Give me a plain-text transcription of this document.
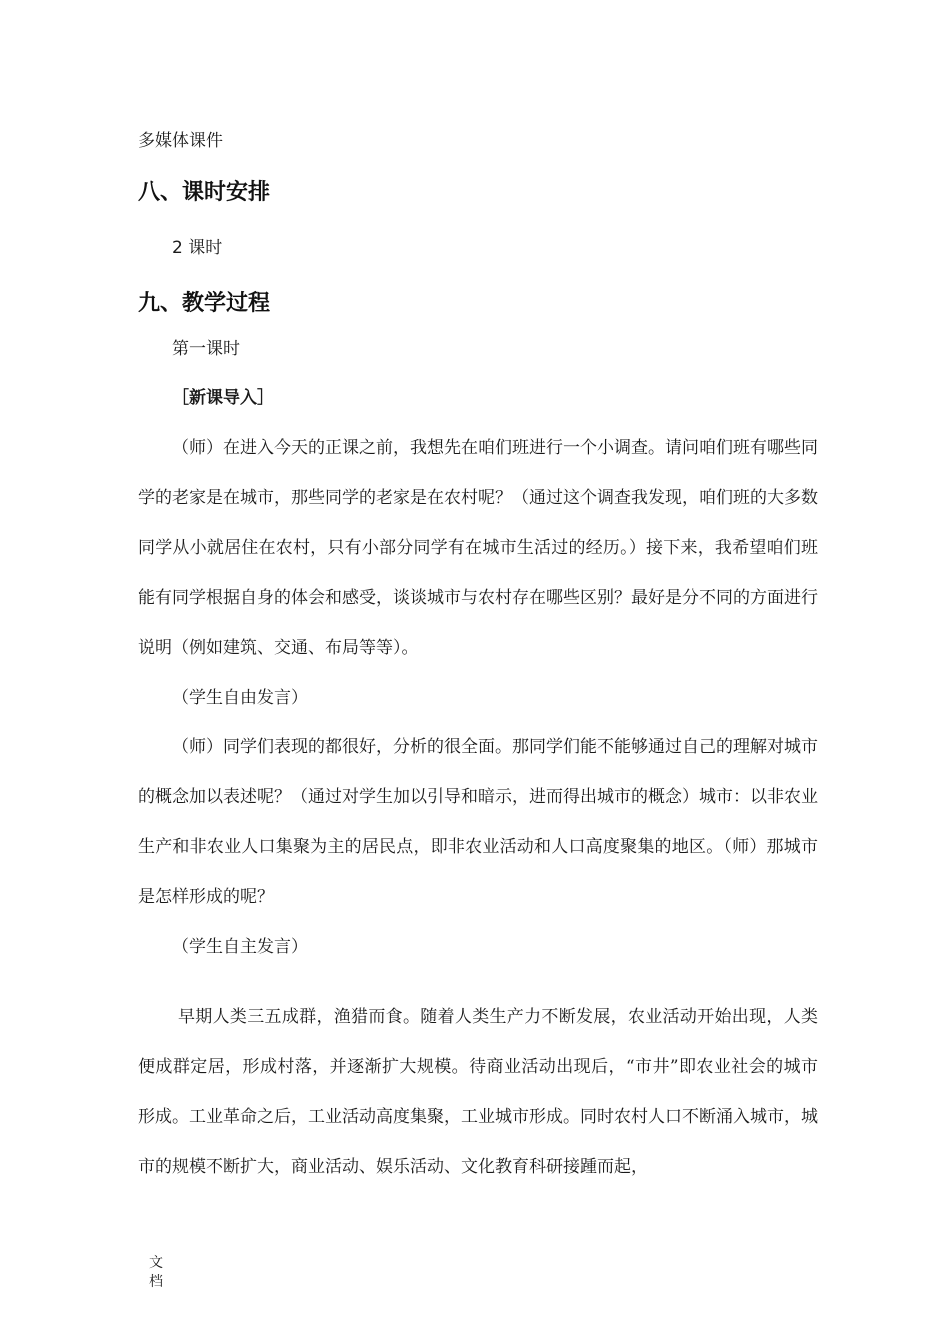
多媒体课件
八、课时安排
2 课时
九、教学过程
第一课时
［新课导入］
（师）在进入今天的正课之前，我想先在咱们班进行一个小调查。请问咱们班有哪些同学的老家是在城市，那些同学的老家是在农村呢？（通过这个调查我发现，咱们班的大多数同学从小就居住在农村，只有小部分同学有在城市生活过的经历。）接下来，我希望咱们班能有同学根据自身的体会和感受，谈谈城市与农村存在哪些区别？最好是分不同的方面进行说明（例如建筑、交通、布局等等）。
（学生自由发言）
（师）同学们表现的都很好，分析的很全面。那同学们能不能够通过自己的理解对城市的概念加以表述呢？（通过对学生加以引导和暗示，进而得出城市的概念）城市：以非农业生产和非农业人口集聚为主的居民点，即非农业活动和人口高度聚集的地区。（师）那城市是怎样形成的呢？
（学生自主发言）
早期人类三五成群，渔猎而食。随着人类生产力不断发展，农业活动开始出现，人类便成群定居，形成村落，并逐渐扩大规模。待商业活动出现后，“市井”即农业社会的城市形成。工业革命之后，工业活动高度集聚，工业城市形成。同时农村人口不断涌入城市，城市的规模不断扩大，商业活动、娱乐活动、文化教育科研接踵而起，
文档
